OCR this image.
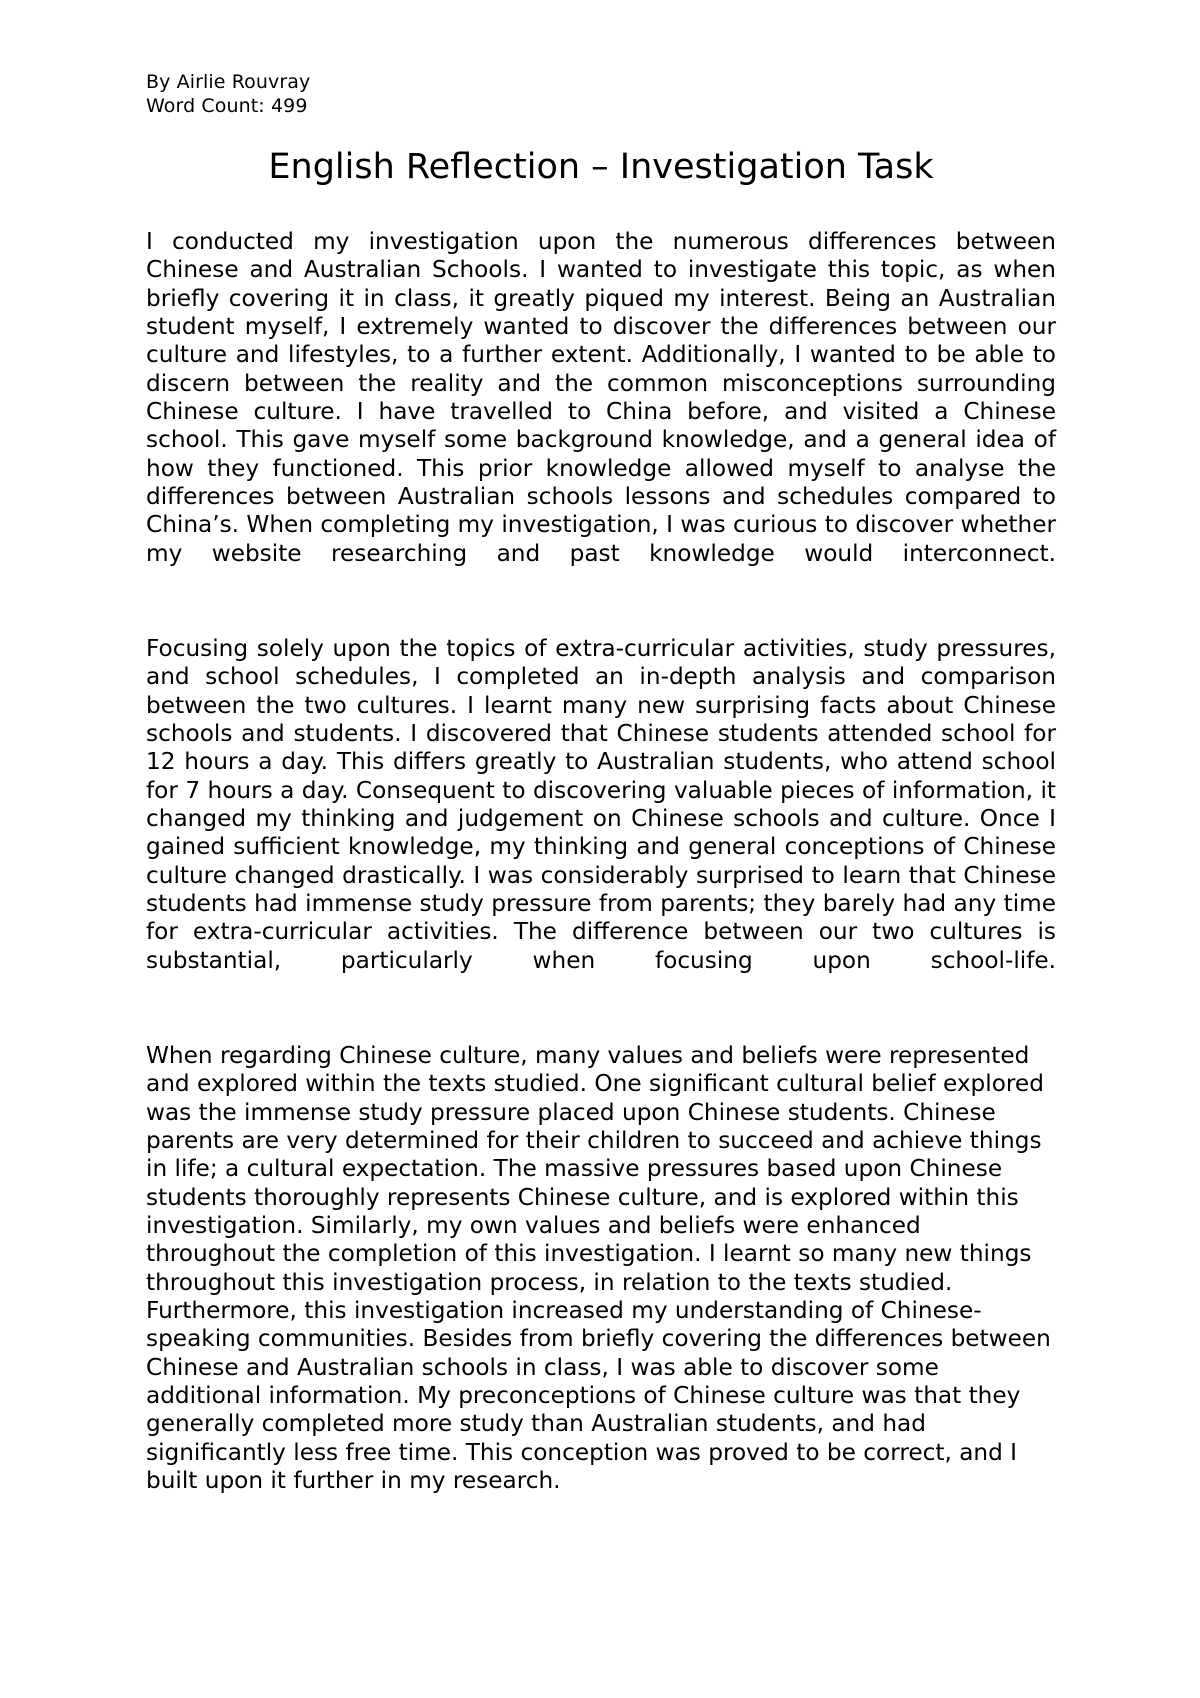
By Airlie Rouvray
Word Count: 499
English Reflection – Investigation Task

I conducted my investigation upon the numerous differences between Chinese and Australian Schools. I wanted to investigate this topic, as when briefly covering it in class, it greatly piqued my interest. Being an Australian student myself, I extremely wanted to discover the differences between our culture and lifestyles, to a further extent. Additionally, I wanted to be able to discern between the reality and the common misconceptions surrounding Chinese culture. I have travelled to China before, and visited a Chinese school. This gave myself some background knowledge, and a general idea of how they functioned. This prior knowledge allowed myself to analyse the differences between Australian schools lessons and schedules compared to China’s. When completing my investigation, I was curious to discover whether my website researching and past knowledge would interconnect.

Focusing solely upon the topics of extra-curricular activities, study pressures, and school schedules, I completed an in-depth analysis and comparison between the two cultures. I learnt many new surprising facts about Chinese schools and students. I discovered that Chinese students attended school for 12 hours a day. This differs greatly to Australian students, who attend school for 7 hours a day. Consequent to discovering valuable pieces of information, it changed my thinking and judgement on Chinese schools and culture. Once I gained sufficient knowledge, my thinking and general conceptions of Chinese culture changed drastically. I was considerably surprised to learn that Chinese students had immense study pressure from parents; they barely had any time for extra-curricular activities. The difference between our two cultures is substantial, particularly when focusing upon school-life.

When regarding Chinese culture, many values and beliefs were represented and explored within the texts studied. One significant cultural belief explored was the immense study pressure placed upon Chinese students. Chinese parents are very determined for their children to succeed and achieve things in life; a cultural expectation. The massive pressures based upon Chinese students thoroughly represents Chinese culture, and is explored within this investigation. Similarly, my own values and beliefs were enhanced throughout the completion of this investigation. I learnt so many new things throughout this investigation process, in relation to the texts studied. Furthermore, this investigation increased my understanding of Chinese-speaking communities. Besides from briefly covering the differences between Chinese and Australian schools in class, I was able to discover some additional information. My preconceptions of Chinese culture was that they generally completed more study than Australian students, and had significantly less free time. This conception was proved to be correct, and I built upon it further in my research.
